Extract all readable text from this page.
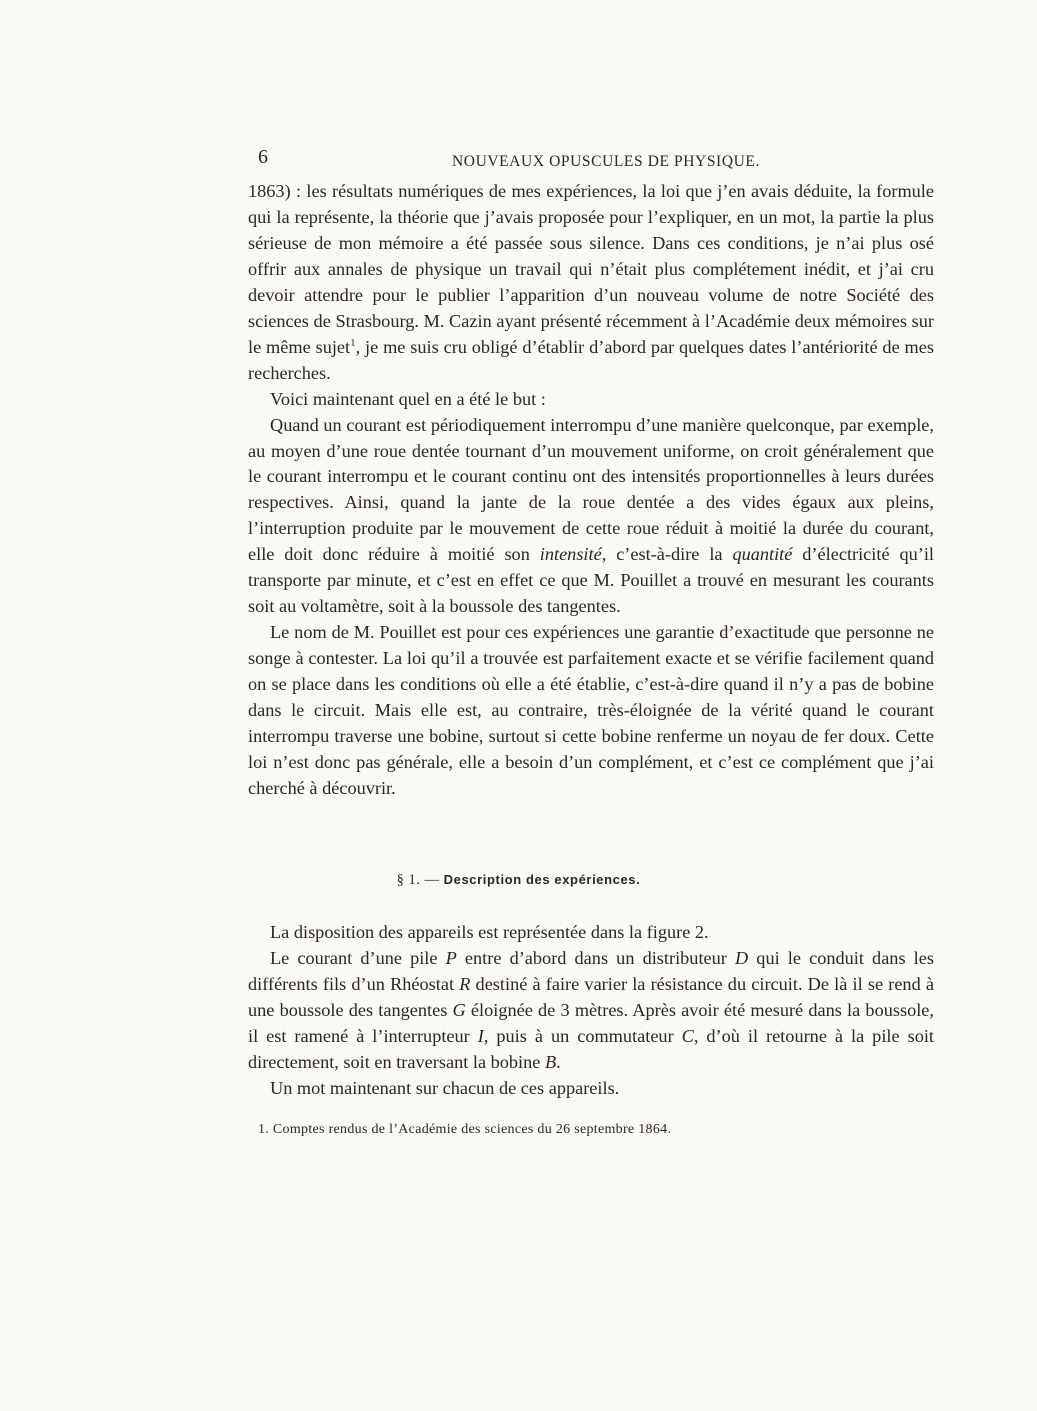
6	NOUVEAUX OPUSCULES DE PHYSIQUE.

1863) : les résultats numériques de mes expériences, la loi que j’en avais déduite, la formule qui la représente, la théorie que j’avais proposée pour l’expliquer, en un mot, la partie la plus sérieuse de mon mémoire a été passée sous silence. Dans ces conditions, je n’ai plus osé offrir aux annales de physique un travail qui n’était plus complétement inédit, et j’ai cru devoir attendre pour le publier l’apparition d’un nouveau volume de notre Société des sciences de Strasbourg. M. Cazin ayant présenté récemment à l’Académie deux mémoires sur le même sujet$^1$, je me suis cru obligé d’établir d’abord par quelques dates l’antériorité de mes recherches.

Voici maintenant quel en a été le but :

Quand un courant est périodiquement interrompu d’une manière quelconque, par exemple, au moyen d’une roue dentée tournant d’un mouvement uniforme, on croit généralement que le courant interrompu et le courant continu ont des intensités proportionnelles à leurs durées respectives. Ainsi, quand la jante de la roue dentée a des vides égaux aux pleins, l’interruption produite par le mouvement de cette roue réduit à moitié la durée du courant, elle doit donc réduire à moitié son intensité, c’est-à-dire la quantité d’électricité qu’il transporte par minute, et c’est en effet ce que M. Pouillet a trouvé en mesurant les courants soit au voltamètre, soit à la boussole des tangentes.

Le nom de M. Pouillet est pour ces expériences une garantie d’exactitude que personne ne songe à contester. La loi qu’il a trouvée est parfaitement exacte et se vérifie facilement quand on se place dans les conditions où elle a été établie, c’est-à-dire quand il n’y a pas de bobine dans le circuit. Mais elle est, au contraire, très-éloignée de la vérité quand le courant interrompu traverse une bobine, surtout si cette bobine renferme un noyau de fer doux. Cette loi n’est donc pas générale, elle a besoin d’un complément, et c’est ce complément que j’ai cherché à découvrir.

§ 1. — Description des expériences.

La disposition des appareils est représentée dans la figure 2.

Le courant d’une pile P entre d’abord dans un distributeur D qui le conduit dans les différents fils d’un Rhéostat R destiné à faire varier la résistance du circuit. De là il se rend à une boussole des tangentes G éloignée de 3 mètres. Après avoir été mesuré dans la boussole, il est ramené à l’interrupteur I, puis à un commutateur C, d’où il retourne à la pile soit directement, soit en traversant la bobine B.

Un mot maintenant sur chacun de ces appareils.

1. Comptes rendus de l’Académie des sciences du 26 septembre 1864.
